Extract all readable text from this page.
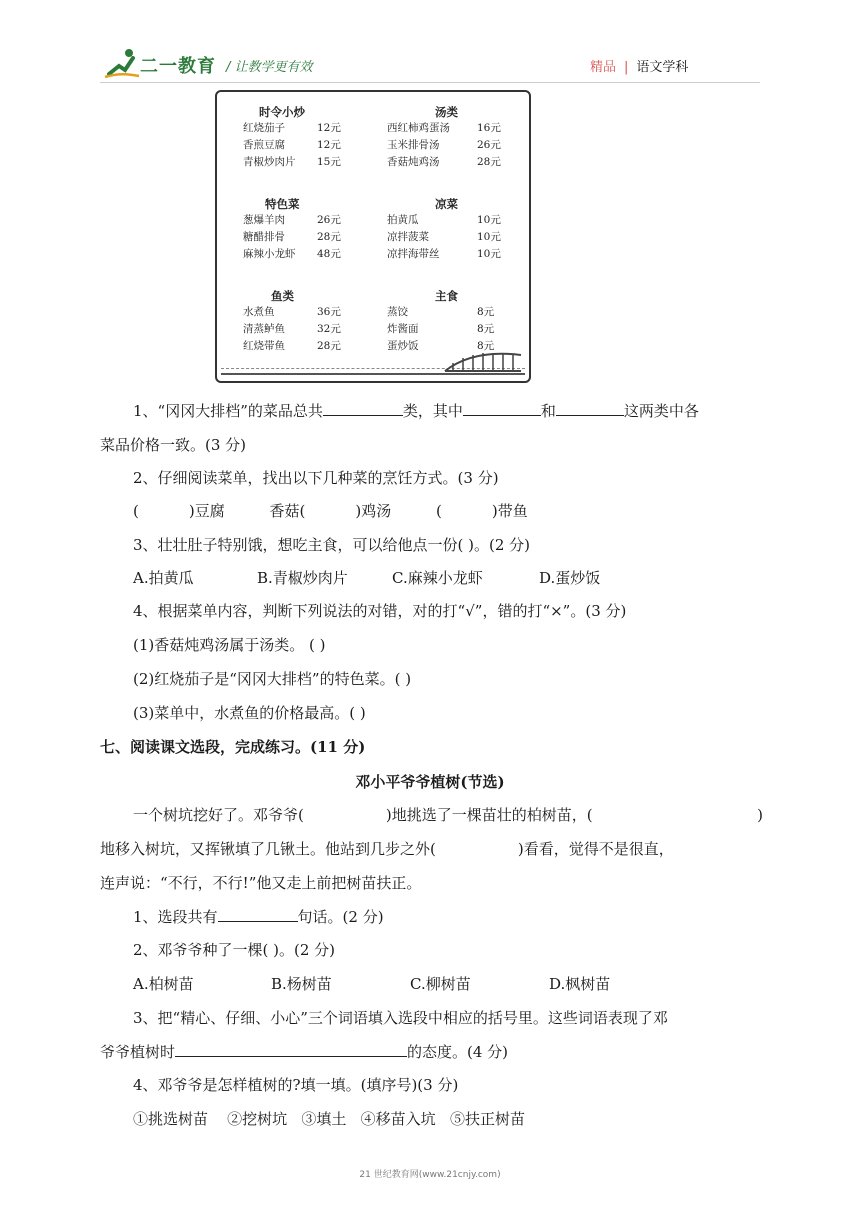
二一教育 / 让教学更有效	精品 | 语文学科
时令小炒
红烧茄子	12元
香煎豆腐	12元
青椒炒肉片 15元
汤类
西红柿鸡蛋汤	16元
玉米排骨汤	26元
香菇炖鸡汤	28元
特色菜
葱爆羊肉	26元
糖醋排骨	28元
麻辣小龙虾 48元
凉菜
拍黄瓜	10元
凉拌菠菜	10元
凉拌海带丝	10元
鱼类
水煮鱼	36元
清蒸鲈鱼	32元
红烧带鱼	28元
主食
蒸饺	8元
炸酱面	8元
蛋炒饭	8元
1、“冈冈大排档”的菜品总共	类，其中	和	这两类中各
菜品价格一致。(3 分)
2、仔细阅读菜单，找出以下几种菜的烹饪方式。(3 分)
(	)豆腐	香菇(	)鸡汤	(	)带鱼
3、壮壮肚子特别饿，想吃主食，可以给他点一份( )。(2 分)
A.拍黄瓜	B.青椒炒肉片	C.麻辣小龙虾	D.蛋炒饭
4、根据菜单内容，判断下列说法的对错，对的打“√”，错的打“×”。(3 分)
(1)香菇炖鸡汤属于汤类。 ( )
(2)红烧茄子是“冈冈大排档”的特色菜。( )
(3)菜单中，水煮鱼的价格最高。( )
七、阅读课文选段，完成练习。(11 分)
邓小平爷爷植树(节选)
一个树坑挖好了。邓爷爷(	)地挑选了一棵苗壮的柏树苗，(	)
地移入树坑，又挥锹填了几锹土。他站到几步之外(	)看看，觉得不是很直，
连声说：“不行，不行!”他又走上前把树苗扶正。
1、选段共有	句话。(2 分)
2、邓爷爷种了一棵( )。(2 分)
A.柏树苗	B.杨树苗	C.柳树苗	D.枫树苗
3、把“精心、仔细、小心”三个词语填入选段中相应的括号里。这些词语表现了邓
爷爷植树时	的态度。(4 分)
4、邓爷爷是怎样植树的?填一填。(填序号)(3 分)
①挑选树苗    ②挖树坑   ③填土   ④移苗入坑   ⑤扶正树苗
21 世纪教育网(www.21cnjy.com)
